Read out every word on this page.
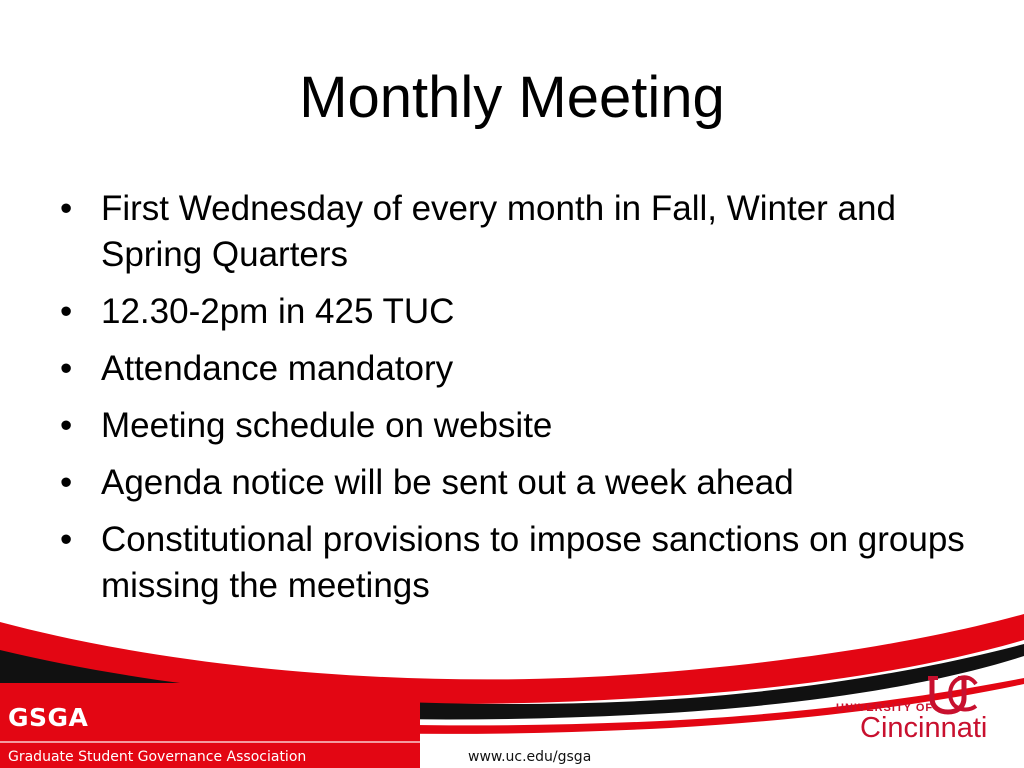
Monthly Meeting
• First Wednesday of every month in Fall, Winter and Spring Quarters
• 12.30-2pm in 425 TUC
• Attendance mandatory
• Meeting schedule on website
• Agenda notice will be sent out a week ahead
• Constitutional provisions to impose sanctions on groups missing the meetings
GSGA
Graduate Student Governance Association	www.uc.edu/gsga
UNIVERSITY OF
Cincinnati
